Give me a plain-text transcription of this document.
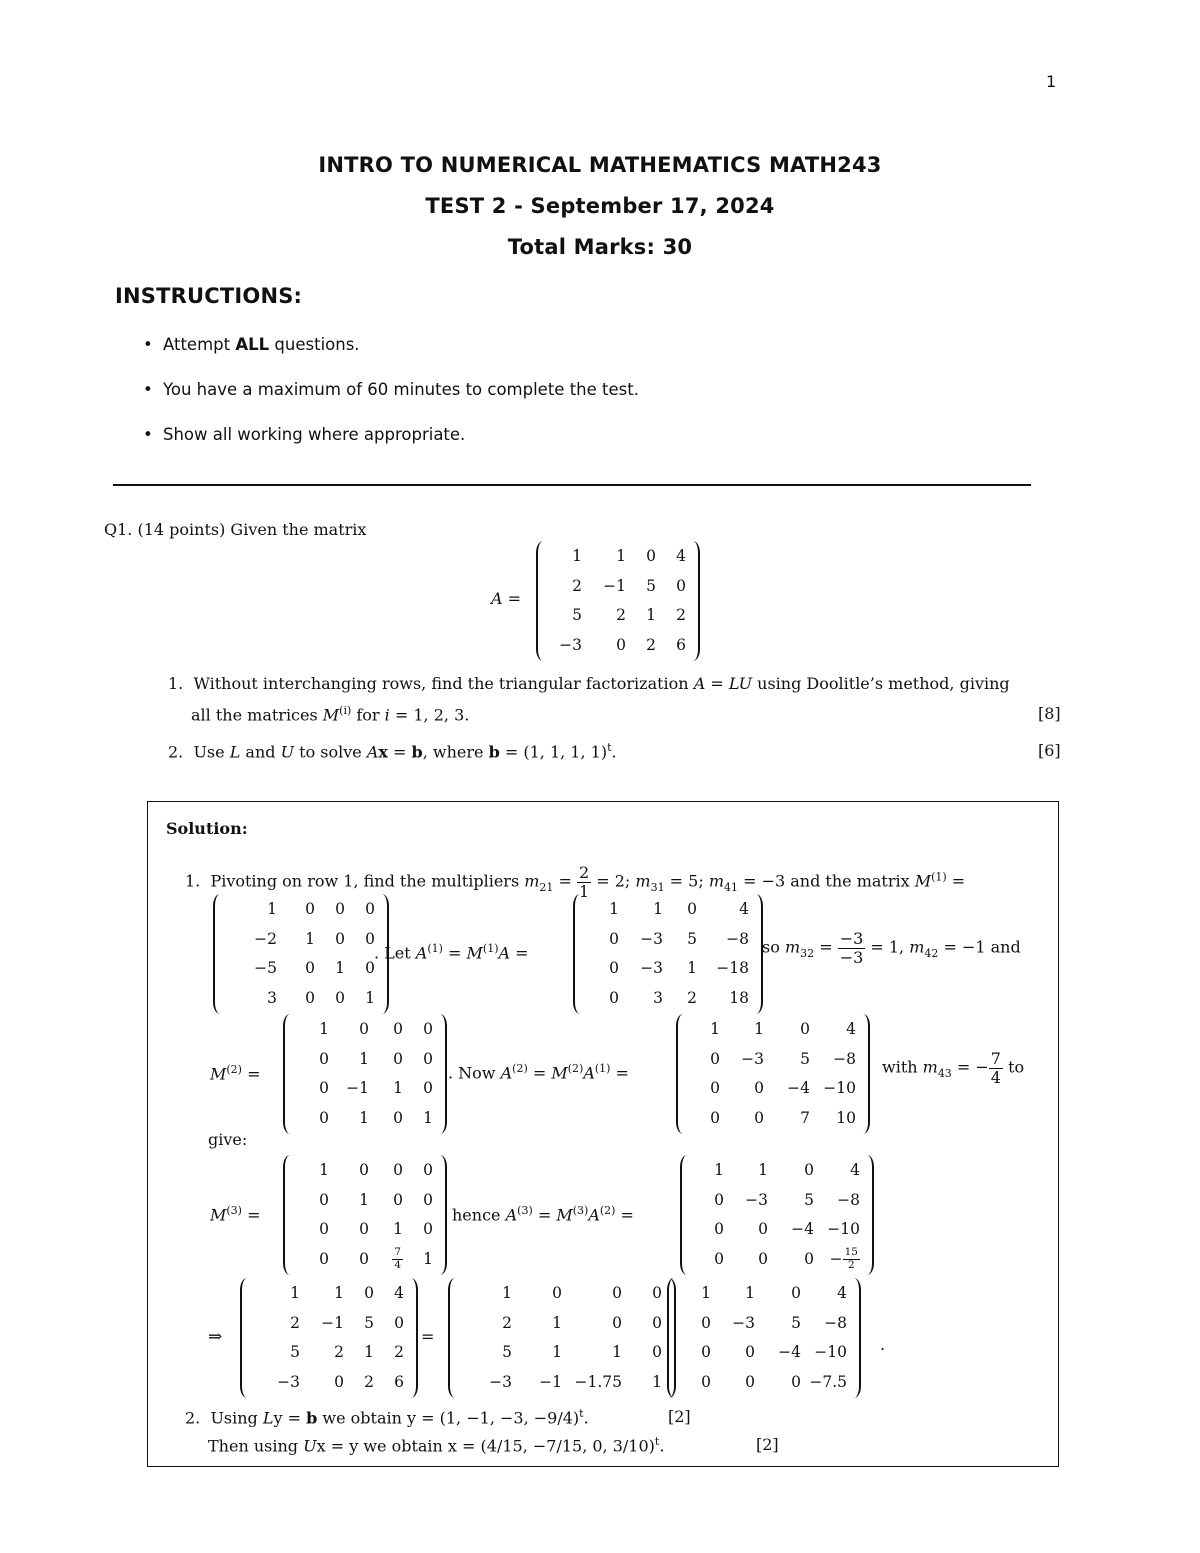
1
INTRO TO NUMERICAL MATHEMATICS MATH243
TEST 2 - September 17, 2024
Total Marks: 30
INSTRUCTIONS:
• Attempt ALL questions.
• You have a maximum of 60 minutes to complete the test.
• Show all working where appropriate.
Q1. (14 points) Given the matrix
A =
1	1	0	4
2	−1	5	0
5	2	1	2
−3	0	2	6
1.  Without interchanging rows, find the triangular factorization A = LU using Doolitle’s method, giving
all the matrices $M^{(i)}$ for i = 1, 2, 3.	[8]
2.  Use L and U to solve Ax = b, where b = (1, 1, 1, 1)$^t$.	[6]
Solution:
1.  Pivoting on row 1, find the multipliers $m_{21} = \frac{2}{1} = 2$; $m_{31} = 5$; $m_{41} = -3$ and the matrix $M^{(1)}$ =
1	0	0	0
−2	1	0	0
−5	0	1	0
3	0	0	1
. Let $A^{(1)} = M^{(1)}A$ =
1	1	0	4
0	−3	5	−8
0	−3	1	−18
0	3	2	18
so $m_{32} = \frac{-3}{-3} = 1$, $m_{42} = -1$ and
$M^{(2)}$ =
1	0	0	0
0	1	0	0
0	−1	1	0
0	1	0	1
. Now $A^{(2)} = M^{(2)}A^{(1)}$ =
1	1	0	4
0	−3	5	−8
0	0	−4	−10
0	0	7	10
with $m_{43}$ = − $\frac{7}{4}$ to
give:
$M^{(3)}$ =
1	0	0	0
0	1	0	0
0	0	1	0
0	0	$\frac{7}{4}$	1
hence $A^{(3)} = M^{(3)}A^{(2)}$ =
1	1	0	4
0	−3	5	−8
0	0	−4	−10
0	0	0	− $\frac{15}{2}$
⇒
1	1	0	4
2	−1	5	0
5	2	1	2
−3	0	2	6
=
1	0	0	0
2	1	0	0
5	1	1	0
−3	−1	−1.75	1
1	1	0	4
0	−3	5	−8
0	0	−4	−10
0	0	0	−7.5
.
2.  Using Ly = b we obtain y = (1, −1, −3, −9/4)$^t$.	[2]
Then using Ux = y we obtain x = (4/15, −7/15, 0, 3/10)$^t$.	[2]
